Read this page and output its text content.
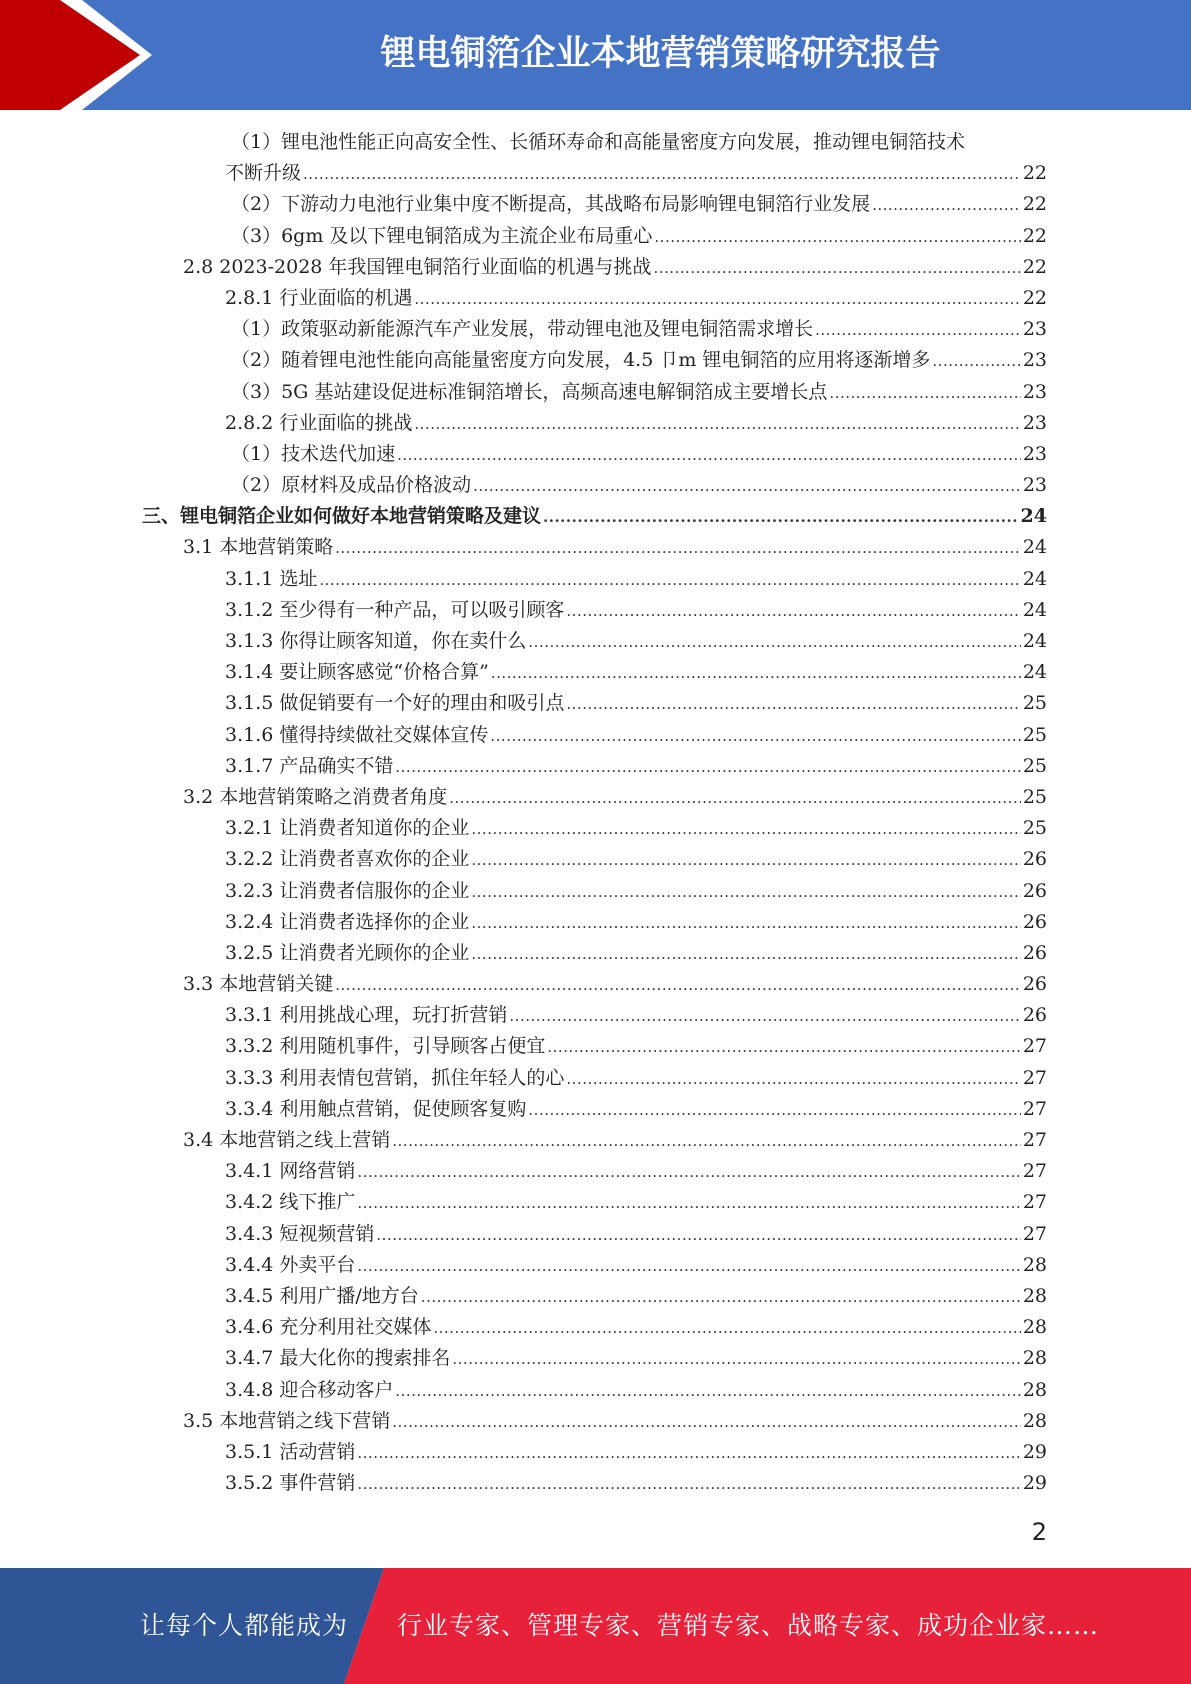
锂电铜箔企业本地营销策略研究报告
（1）锂电池性能正向高安全性、长循环寿命和高能量密度方向发展，推动锂电铜箔技术
不断升级 .....	22
（2）下游动力电池行业集中度不断提高，其战略布局影响锂电铜箔行业发展 .....	22
（3）6gm 及以下锂电铜箔成为主流企业布局重心 .....	22
2.8 2023-2028 年我国锂电铜箔行业面临的机遇与挑战 .....	22
2.8.1 行业面临的机遇 .....	22
（1）政策驱动新能源汽车产业发展，带动锂电池及锂电铜箔需求增长 .....	23
（2）随着锂电池性能向高能量密度方向发展，4.5 卩m 锂电铜箔的应用将逐渐增多 .....	23
（3）5G 基站建设促进标准铜箔增长，高频高速电解铜箔成主要增长点 .....	23
2.8.2 行业面临的挑战 .....	23
（1）技术迭代加速 .....	23
（2）原材料及成品价格波动 .....	23
三、锂电铜箔企业如何做好本地营销策略及建议 .....	24
3.1 本地营销策略 .....	24
3.1.1 选址 .....	24
3.1.2 至少得有一种产品，可以吸引顾客 .....	24
3.1.3 你得让顾客知道，你在卖什么 .....	24
3.1.4 要让顾客感觉“价格合算” .....	24
3.1.5 做促销要有一个好的理由和吸引点 .....	25
3.1.6 懂得持续做社交媒体宣传 .....	25
3.1.7 产品确实不错 .....	25
3.2 本地营销策略之消费者角度 .....	25
3.2.1 让消费者知道你的企业 .....	25
3.2.2 让消费者喜欢你的企业 .....	26
3.2.3 让消费者信服你的企业 .....	26
3.2.4 让消费者选择你的企业 .....	26
3.2.5 让消费者光顾你的企业 .....	26
3.3 本地营销关键 .....	26
3.3.1 利用挑战心理，玩打折营销 .....	26
3.3.2 利用随机事件，引导顾客占便宜 .....	27
3.3.3 利用表情包营销，抓住年轻人的心 .....	27
3.3.4 利用触点营销，促使顾客复购 .....	27
3.4 本地营销之线上营销 .....	27
3.4.1 网络营销 .....	27
3.4.2 线下推广 .....	27
3.4.3 短视频营销 .....	27
3.4.4 外卖平台 .....	28
3.4.5 利用广播/地方台 .....	28
3.4.6 充分利用社交媒体 .....	28
3.4.7 最大化你的搜索排名 .....	28
3.4.8 迎合移动客户 .....	28
3.5 本地营销之线下营销 .....	28
3.5.1 活动营销 .....	29
3.5.2 事件营销 .....	29
2
让每个人都能成为 行业专家、管理专家、营销专家、战略专家、成功企业家……
